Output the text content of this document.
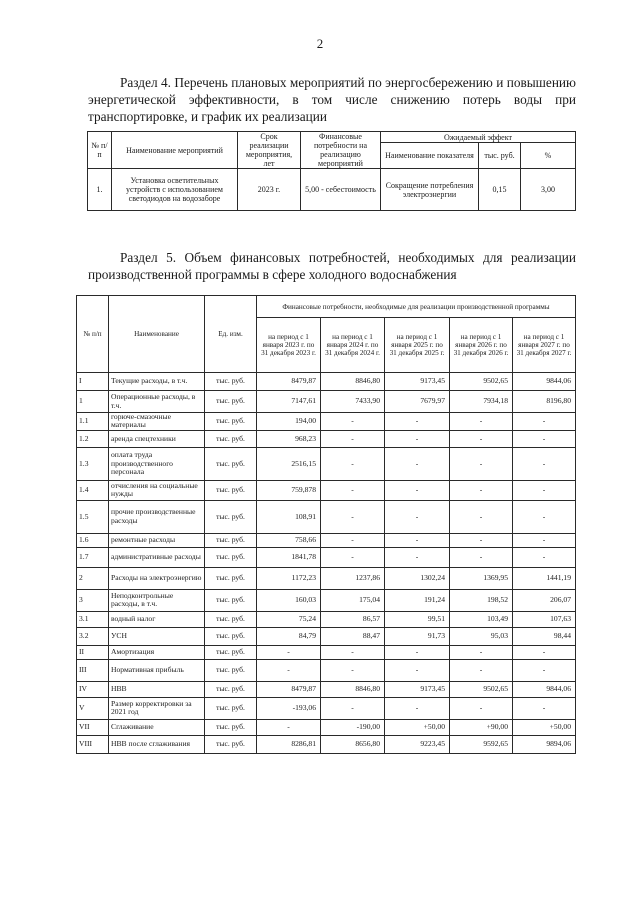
2
Раздел 4. Перечень плановых мероприятий по энергосбережению и повышению энергетической эффективности, в том числе снижению потерь воды при транспортировке, и график их реализации
№ п/п	Наименование мероприятий	Срок реализации мероприятия, лет	Финансовые потребности на реализацию мероприятий	Ожидаемый эффект		
				Наименование показателя	тыс. руб.	%
1.	Установка осветительных устройств с использованием светодиодов на водозаборе	2023 г.	5,00 - себестоимость	Сокращение потребления электроэнергии	0,15	3,00
Раздел 5. Объем финансовых потребностей, необходимых для реализации производственной программы в сфере холодного водоснабжения
№ п/п	Наименование	Ед. изм.	Финансовые потребности, необходимые для реализации производственной программы				
			на период с 1 января 2023 г. по 31 декабря 2023 г.	на период с 1 января 2024 г. по 31 декабря 2024 г.	на период с 1 января 2025 г. по 31 декабря 2025 г.	на период с 1 января 2026 г. по 31 декабря 2026 г.	на период с 1 января 2027 г. по 31 декабря 2027 г.
I	Текущие расходы, в т.ч.	тыс. руб.	8479,87	8846,80	9173,45	9502,65	9844,06
1	Операционные расходы, в т.ч.	тыс. руб.	7147,61	7433,90	7679,97	7934,18	8196,80
1.1	горюче-смазочные материалы	тыс. руб.	194,00	-	-	-	-
1.2	аренда спецтехники	тыс. руб.	968,23	-	-	-	-
1.3	оплата труда производственного персонала	тыс. руб.	2516,15	-	-	-	-
1.4	отчисления на социальные нужды	тыс. руб.	759,878	-	-	-	-
1.5	прочие производственные расходы	тыс. руб.	108,91	-	-	-	-
1.6	ремонтные расходы	тыс. руб.	758,66	-	-	-	-
1.7	административные расходы	тыс. руб.	1841,78	-	-	-	-
2	Расходы на электроэнергию	тыс. руб.	1172,23	1237,86	1302,24	1369,95	1441,19
3	Неподконтрольные расходы, в т.ч.	тыс. руб.	160,03	175,04	191,24	198,52	206,07
3.1	водный налог	тыс. руб.	75,24	86,57	99,51	103,49	107,63
3.2	УСН	тыс. руб.	84,79	88,47	91,73	95,03	98,44
II	Амортизация	тыс. руб.	-	-	-	-	-
III	Нормативная прибыль	тыс. руб.	-	-	-	-	-
IV	НВВ	тыс. руб.	8479,87	8846,80	9173,45	9502,65	9844,06
V	Размер корректировки за 2021 год	тыс. руб.	-193,06	-	-	-	-
VII	Сглаживание	тыс. руб.	-	-190,00	+50,00	+90,00	+50,00
VIII	НВВ после сглаживания	тыс. руб.	8286,81	8656,80	9223,45	9592,65	9894,06
